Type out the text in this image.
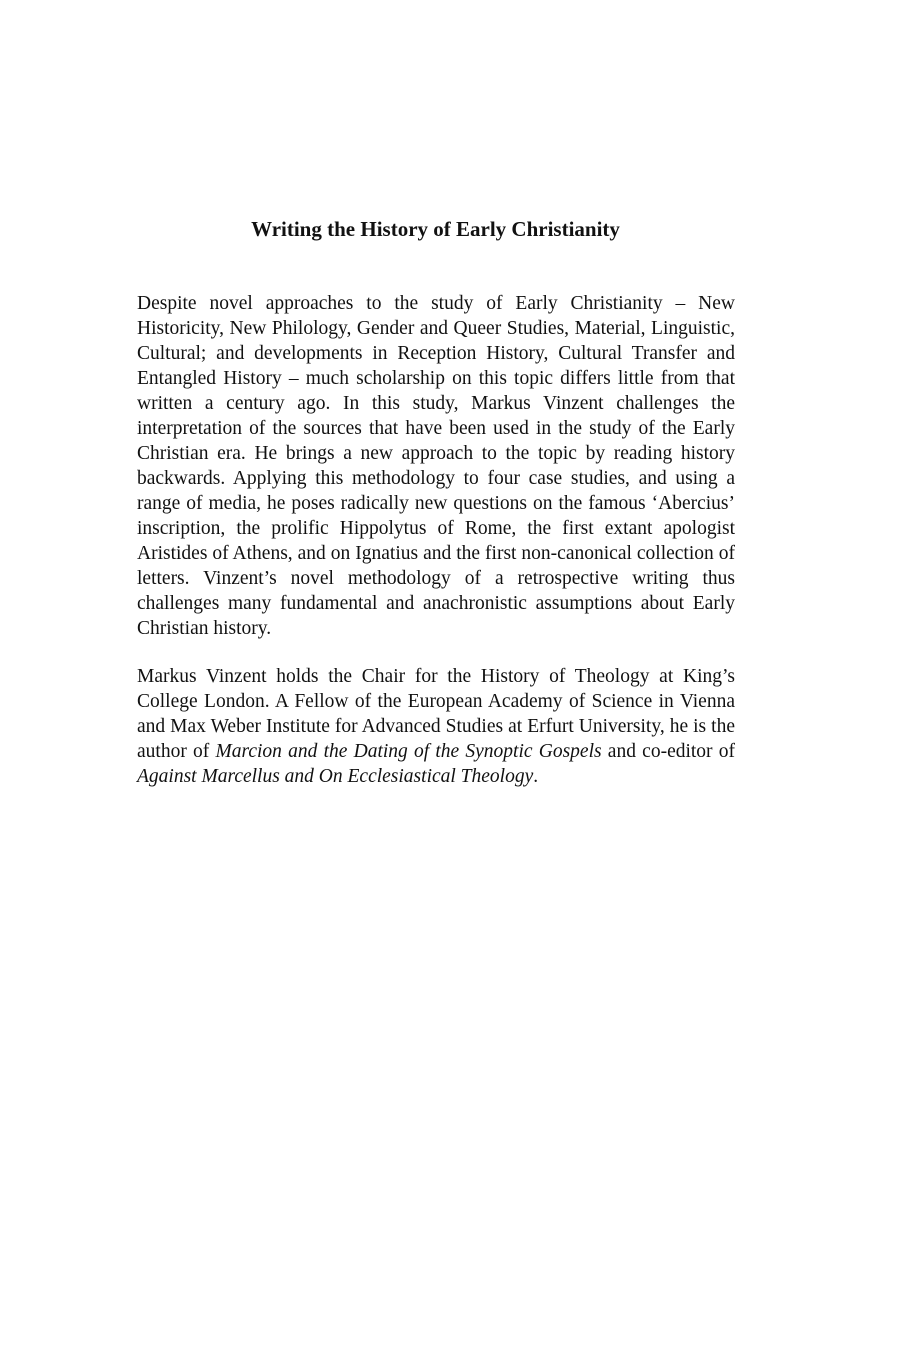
Writing the History of Early Christianity

Despite novel approaches to the study of Early Christianity – New Historicity, New Philology, Gender and Queer Studies, Material, Linguistic, Cultural; and developments in Reception History, Cultural Transfer and Entangled History – much scholarship on this topic differs little from that written a century ago. In this study, Markus Vinzent challenges the interpretation of the sources that have been used in the study of the Early Christian era. He brings a new approach to the topic by reading history backwards. Applying this methodology to four case studies, and using a range of media, he poses radically new questions on the famous ‘Abercius’ inscription, the prolific Hippolytus of Rome, the first extant apologist Aristides of Athens, and on Ignatius and the first non-canonical collection of letters. Vinzent’s novel methodology of a retrospective writing thus challenges many fundamental and anachronistic assumptions about Early Christian history.

Markus Vinzent holds the Chair for the History of Theology at King’s College London. A Fellow of the European Academy of Science in Vienna and Max Weber Institute for Advanced Studies at Erfurt University, he is the author of Marcion and the Dating of the Synoptic Gospels and co-editor of Against Marcellus and On Ecclesiastical Theology.
